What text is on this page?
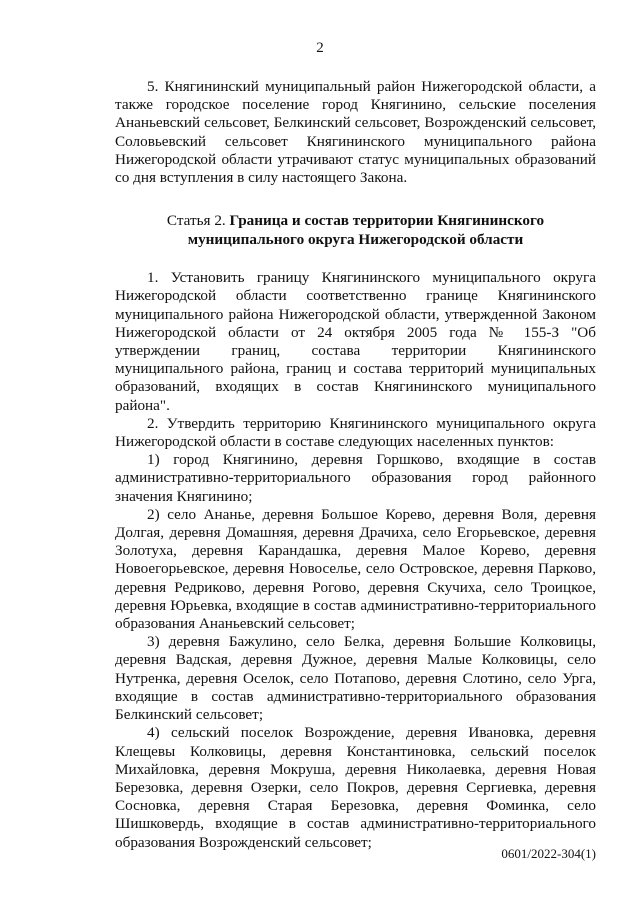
2

5. Княгининский муниципальный район Нижегородской области, а также городское поселение город Княгинино, сельские поселения Ананьевский сельсовет, Белкинский сельсовет, Возрожденский сельсовет, Соловьевский сельсовет Княгининского муниципального района Нижегородской области утрачивают статус муниципальных образований со дня вступления в силу настоящего Закона.

Статья 2. Граница и состав территории Княгининского муниципального округа Нижегородской области

1. Установить границу Княгининского муниципального округа Нижегородской области соответственно границе Княгининского муниципального района Нижегородской области, утвержденной Законом Нижегородской области от 24 октября 2005 года № 155-З "Об утверждении границ, состава территории Княгининского муниципального района, границ и состава территорий муниципальных образований, входящих в состав Княгининского муниципального района".

2. Утвердить территорию Княгининского муниципального округа Нижегородской области в составе следующих населенных пунктов:

1) город Княгинино, деревня Горшково, входящие в состав административно-территориального образования город районного значения Княгинино;

2) село Ананье, деревня Большое Корево, деревня Воля, деревня Долгая, деревня Домашняя, деревня Драчиха, село Егорьевское, деревня Золотуха, деревня Карандашка, деревня Малое Корево, деревня Новоегорьевское, деревня Новоселье, село Островское, деревня Парково, деревня Редриково, деревня Рогово, деревня Скучиха, село Троицкое, деревня Юрьевка, входящие в состав административно-территориального образования Ананьевский сельсовет;

3) деревня Бажулино, село Белка, деревня Большие Колковицы, деревня Вадская, деревня Дужное, деревня Малые Колковицы, село Нутренка, деревня Оселок, село Потапово, деревня Слотино, село Урга, входящие в состав административно-территориального образования Белкинский сельсовет;

4) сельский поселок Возрождение, деревня Ивановка, деревня Клещевы Колковицы, деревня Константиновка, сельский поселок Михайловка, деревня Мокруша, деревня Николаевка, деревня Новая Березовка, деревня Озерки, село Покров, деревня Сергиевка, деревня Сосновка, деревня Старая Березовка, деревня Фоминка, село Шишковердь, входящие в состав административно-территориального образования Возрожденский сельсовет;

0601/2022-304(1)
